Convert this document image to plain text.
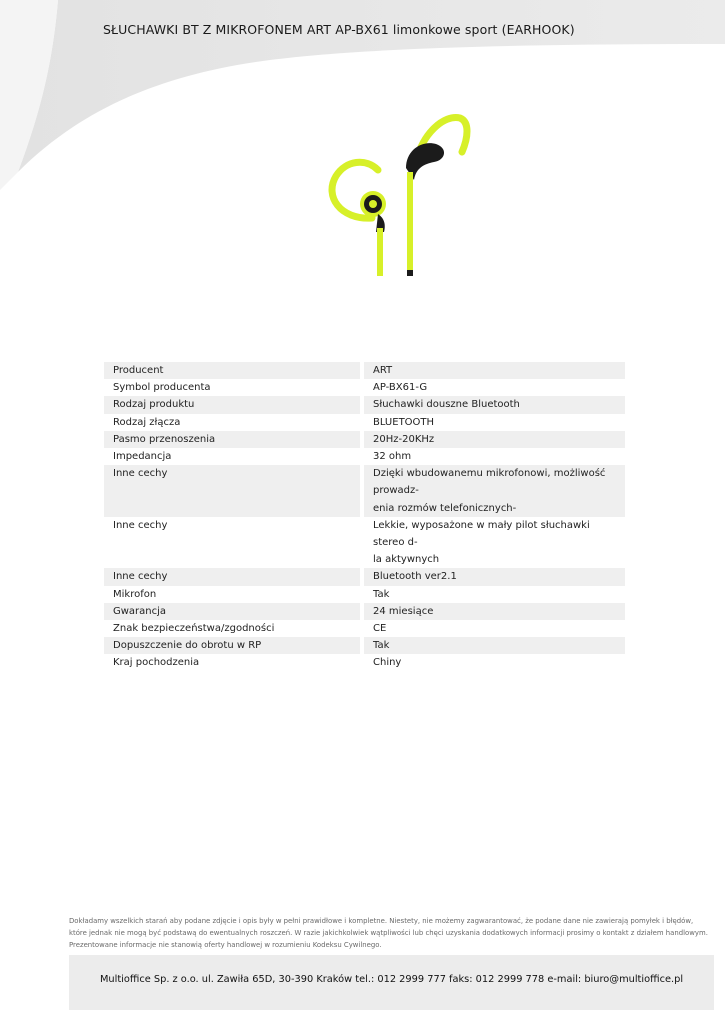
SŁUCHAWKI BT Z MIKROFONEM ART AP-BX61 limonkowe sport (EARHOOK)
Producent	ART

Symbol producenta	AP-BX61-G

Rodzaj produktu	Słuchawki douszne Bluetooth

Rodzaj złącza	BLUETOOTH

Pasmo przenoszenia	20Hz-20KHz

Impedancja	32 ohm

Inne cechy	Dzięki wbudowanemu mikrofonowi, możliwość prowadz-
enia rozmów telefonicznych-

Inne cechy	Lekkie, wyposażone w mały pilot słuchawki stereo d-
la aktywnych

Inne cechy	Bluetooth ver2.1

Mikrofon	Tak

Gwarancja	24 miesiące

Znak bezpieczeństwa/zgodności	CE

Dopuszczenie do obrotu w RP	Tak

Kraj pochodzenia	Chiny
Dokładamy wszelkich starań aby podane zdjęcie i opis były w pełni prawidłowe i kompletne. Niestety, nie możemy zagwarantować, że podane dane nie zawierają pomyłek i błędów,
które jednak nie mogą być podstawą do ewentualnych roszczeń. W razie jakichkolwiek wątpliwości lub chęci uzyskania dodatkowych informacji prosimy o kontakt z działem handlowym.
Prezentowane informacje nie stanowią oferty handlowej w rozumieniu Kodeksu Cywilnego.
Multioffice Sp. z o.o. ul. Zawiła 65D, 30-390 Kraków tel.: 012 2999 777 faks: 012 2999 778 e-mail: biuro@multioffice.pl
